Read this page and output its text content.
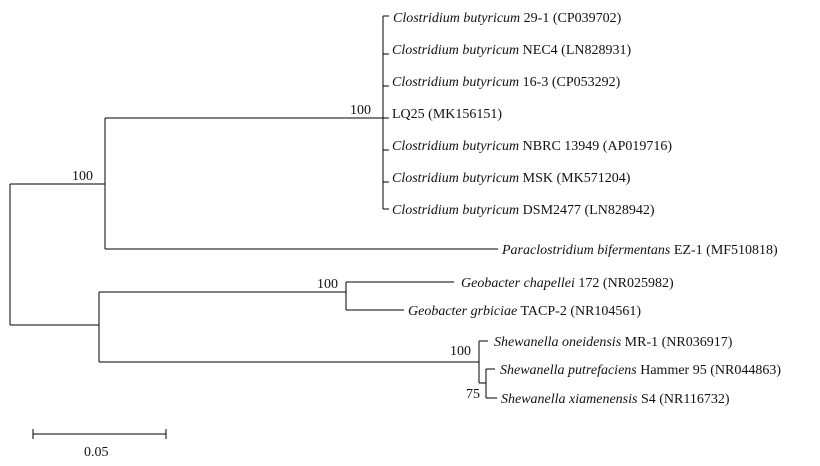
Clostridium butyricum 29-1 (CP039702)
Clostridium butyricum NEC4 (LN828931)
Clostridium butyricum 16-3 (CP053292)
LQ25 (MK156151)
Clostridium butyricum NBRC 13949 (AP019716)
Clostridium butyricum MSK (MK571204)
Clostridium butyricum DSM2477 (LN828942)
Paraclostridium bifermentans EZ-1 (MF510818)
Geobacter chapellei 172 (NR025982)
Geobacter grbiciae TACP-2 (NR104561)
Shewanella oneidensis MR-1 (NR036917)
Shewanella putrefaciens Hammer 95 (NR044863)
Shewanella xiamenensis S4 (NR116732)
100
100
100
100
75
0.05
